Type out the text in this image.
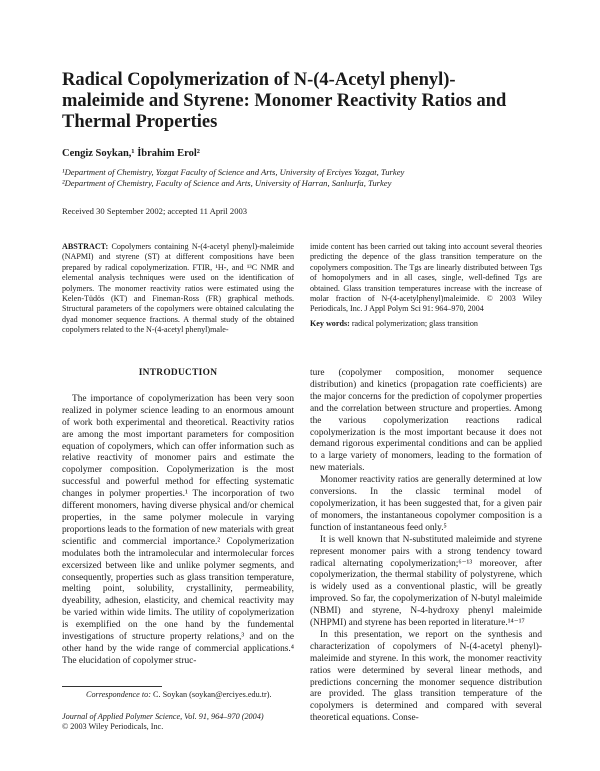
Radical Copolymerization of N-(4-Acetyl phenyl)-maleimide and Styrene: Monomer Reactivity Ratios and Thermal Properties
Cengiz Soykan,¹ İbrahim Erol²
¹Department of Chemistry, Yozgat Faculty of Science and Arts, University of Erciyes Yozgat, Turkey
²Department of Chemistry, Faculty of Science and Arts, University of Harran, Sanlıurfa, Turkey
Received 30 September 2002; accepted 11 April 2003
ABSTRACT: Copolymers containing N-(4-acetyl phenyl)-maleimide (NAPMI) and styrene (ST) at different compositions have been prepared by radical copolymerization. FTIR, ¹H-, and ¹³C NMR and elemental analysis techniques were used on the identification of polymers. The monomer reactivity ratios were estimated using the Kelen-Tüdös (KT) and Fineman-Ross (FR) graphical methods. Structural parameters of the copolymers were obtained calculating the dyad monomer sequence fractions. A thermal study of the obtained copolymers related to the N-(4-acetyl phenyl)male-
imide content has been carried out taking into account several theories predicting the depence of the glass transition temperature on the copolymers composition. The Tgs are linearly distributed between Tgs of homopolymers and in all cases, single, well-defined Tgs are obtained. Glass transition temperatures increase with the increase of molar fraction of N-(4-acetylphenyl)maleimide. © 2003 Wiley Periodicals, Inc. J Appl Polym Sci 91: 964–970, 2004
Key words: radical polymerization; glass transition
INTRODUCTION

The importance of copolymerization has been very soon realized in polymer science leading to an enormous amount of work both experimental and theoretical. Reactivity ratios are among the most important parameters for composition equation of copolymers, which can offer information such as relative reactivity of monomer pairs and estimate the copolymer composition. Copolymerization is the most successful and powerful method for effecting systematic changes in polymer properties.¹ The incorporation of two different monomers, having diverse physical and/or chemical properties, in the same polymer molecule in varying proportions leads to the formation of new materials with great scientific and commercial importance.² Copolymerization modulates both the intramolecular and intermolecular forces excersized between like and unlike polymer segments, and consequently, properties such as glass transition temperature, melting point, solubility, crystallinity, permeability, dyeability, adhesion, elasticity, and chemical reactivity may be varied within wide limits. The utility of copolymerization is exemplified on the one hand by the fundemental investigations of structure property relations,³ and on the other hand by the wide range of commercial applications.⁴ The elucidation of copolymer struc-

ture (copolymer composition, monomer sequence distribution) and kinetics (propagation rate coefficients) are the major concerns for the prediction of copolymer properties and the correlation between structure and properties. Among the various copolymerization reactions radical copolymerization is the most important because it does not demand rigorous experimental conditions and can be applied to a large variety of monomers, leading to the formation of new materials.

Monomer reactivity ratios are generally determined at low conversions. In the classic terminal model of copolymerization, it has been suggested that, for a given pair of monomers, the instantaneous copolymer composition is a function of instantaneous feed only.⁵

It is well known that N-substituted maleimide and styrene represent monomer pairs with a strong tendency toward radical alternating copolymerization;⁶⁻¹³ moreover, after copolymerization, the thermal stability of polystyrene, which is widely used as a conventional plastic, will be greatly improved. So far, the copolymerization of N-butyl maleimide (NBMI) and styrene, N-4-hydroxy phenyl maleimide (NHPMI) and styrene has been reported in literature.¹⁴⁻¹⁷

In this presentation, we report on the synthesis and characterization of copolymers of N-(4-acetyl phenyl)-maleimide and styrene. In this work, the monomer reactivity ratios were determined by several linear methods, and predictions concerning the monomer sequence distribution are provided. The glass transition temperature of the copolymers is determined and compared with several theoretical equations. Conse-

Correspondence to: C. Soykan (soykan@erciyes.edu.tr).
Journal of Applied Polymer Science, Vol. 91, 964–970 (2004)
© 2003 Wiley Periodicals, Inc.
